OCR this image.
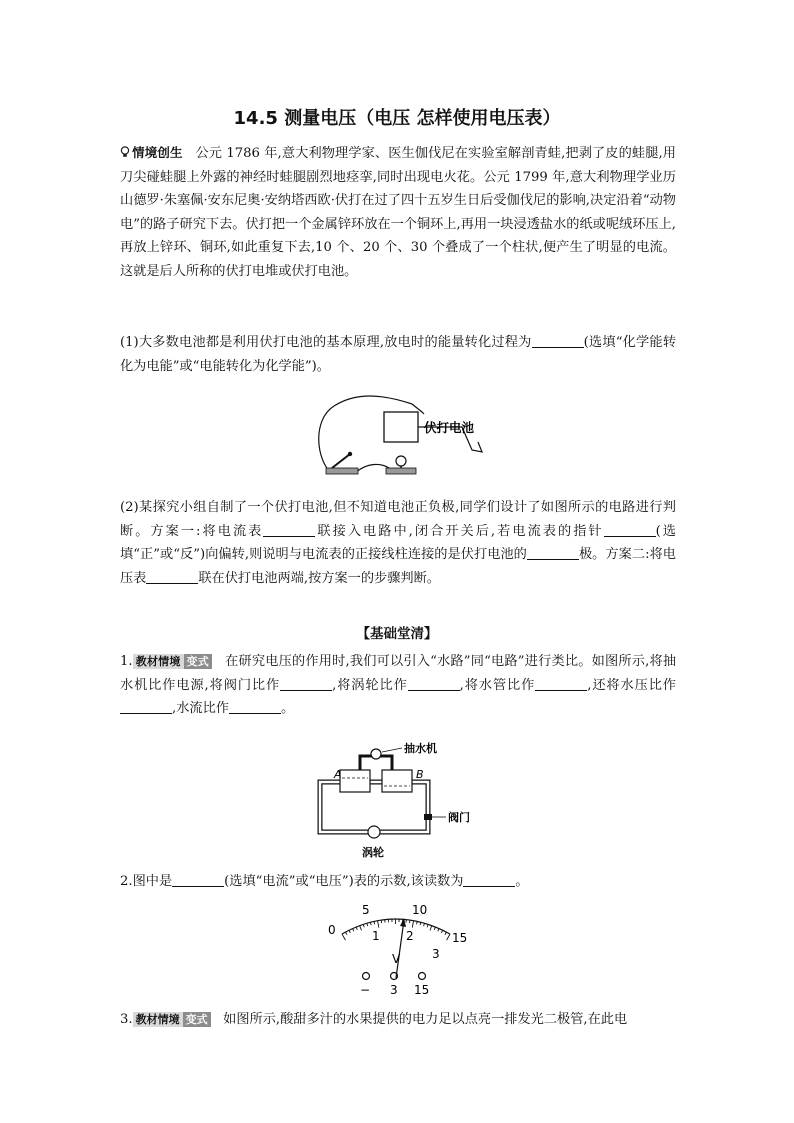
14.5 测量电压（电压 怎样使用电压表）
情境创生 公元 1786 年,意大利物理学家、医生伽伐尼在实验室解剖青蛙,把剥了皮的蛙腿,用刀尖碰蛙腿上外露的神经时蛙腿剧烈地痉挛,同时出现电火花。公元 1799 年,意大利物理学业历山德罗·朱塞佩·安东尼奥·安纳塔西欧·伏打在过了四十五岁生日后受伽伐尼的影响,决定沿着“动物电”的路子研究下去。伏打把一个金属锌环放在一个铜环上,再用一块浸透盐水的纸或呢绒环压上,再放上锌环、铜环,如此重复下去,10 个、20 个、30 个叠成了一个柱状,便产生了明显的电流。这就是后人所称的伏打电堆或伏打电池。
(1)大多数电池都是利用伏打电池的基本原理,放电时的能量转化过程为	(选填“化学能转化为电能”或“电能转化为化学能”)。
伏打电池
(2)某探究小组自制了一个伏打电池,但不知道电池正负极,同学们设计了如图所示的电路进行判断。方案一:将电流表	联接入电路中,闭合开关后,若电流表的指针	(选填“正”或“反”)向偏转,则说明与电流表的正接线柱连接的是伏打电池的	极。方案二:将电压表	联在伏打电池两端,按方案一的步骤判断。
【基础堂清】
1. 教材情境 变式 在研究电压的作用时,我们可以引入“水路”同“电路”进行类比。如图所示,将抽水机比作电源,将阀门比作	,将涡轮比作	,将水管比作	,还将水压比作,水流比作	。
抽水机
A	B
阀门
涡轮
2.图中是	(选填“电流”或“电压”)表的示数,该读数为	。
0
5	10
15
1 2
3
V
− 3 15
3. 教材情境 变式 如图所示,酸甜多汁的水果提供的电力足以点亮一排发光二极管,在此电
